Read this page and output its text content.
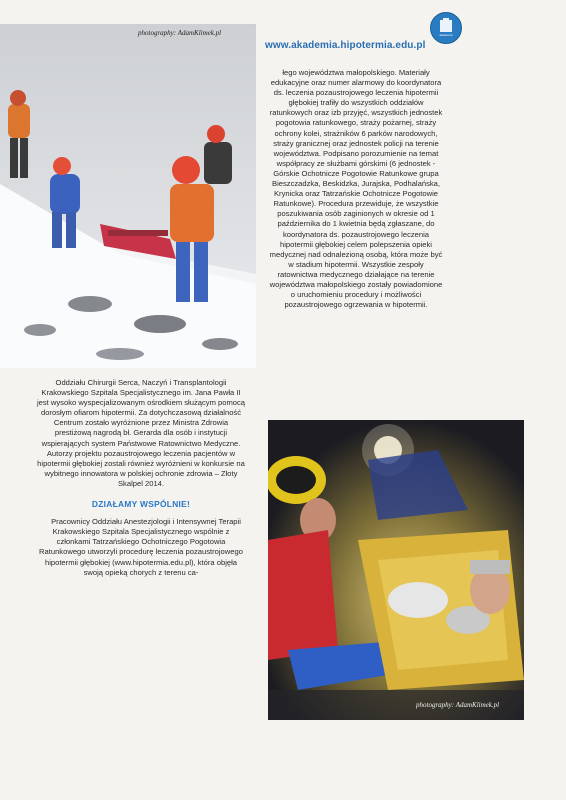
photography: AdamKlimek.pl	akademia
www.akademia.hipotermia.edu.pl

łego województwa małopolskiego. Materiały edukacyjne oraz numer alarmowy do koordynatora ds. leczenia pozaustrojowego leczenia hipotermii głębokiej trafiły do wszystkich oddziałów ratunkowych oraz izb przyjęć, wszystkich jednostek pogotowia ratunkowego, straży pożarnej, straży ochrony kolei, strażników 6 parków narodowych, straży granicznej oraz jednostek policji na terenie województwa. Podpisano porozumienie na temat współpracy ze służbami górskimi (6 jednostek - Górskie Ochotnicze Pogotowie Ratunkowe grupa Bieszczadzka, Beskidzka, Jurajska, Podhalańska, Krynicka oraz Tatrzańskie Ochotnicze Pogotowie Ratunkowe). Procedura przewiduje, że wszystkie poszukiwania osób zaginionych w okresie od 1 października do 1 kwietnia będą zgłaszane, do koordynatora ds. pozaustrojowego leczenia hipotermii głębokiej celem polepszenia opieki medycznej nad odnalezioną osobą, która może być w stadium hipotermii. Wszystkie zespoły ratownictwa medycznego działające na terenie województwa małopolskiego zostały powiadomione o uruchomieniu procedury i możliwości pozaustrojowego ogrzewania w hipotermii.

Oddziału Chirurgii Serca, Naczyń i Transplantologii Krakowskiego Szpitala Specjalistycznego im. Jana Pawła II jest wysoko wyspecjalizowanym ośrodkiem służącym pomocą dorosłym ofiarom hipotermii. Za dotychczasową działalność Centrum zostało wyróżnione przez Ministra Zdrowia prestiżową nagrodą bł. Gerarda dla osób i instytucji wspierających system Państwowe Ratownictwo Medyczne. Autorzy projektu pozaustrojowego leczenia pacjentów w hipotermii głębokiej zostali również wyróżnieni w konkursie na wybitnego innowatora w polskiej ochronie zdrowia – Złoty Skalpel 2014.

DZIAŁAMY WSPÓLNIE!

Pracownicy Oddziału Anestezjologii i Intensywnej Terapii Krakowskiego Szpitala Specjalistycznego wspólnie z członkami Tatrzańskiego Ochotniczego Pogotowia Ratunkowego utworzyli procedurę leczenia pozaustrojowego hipotermii głębokiej (www.hipotermia.edu.pl), która objęła swoją opieką chorych z terenu ca-

photography: AdamKlimek.pl
